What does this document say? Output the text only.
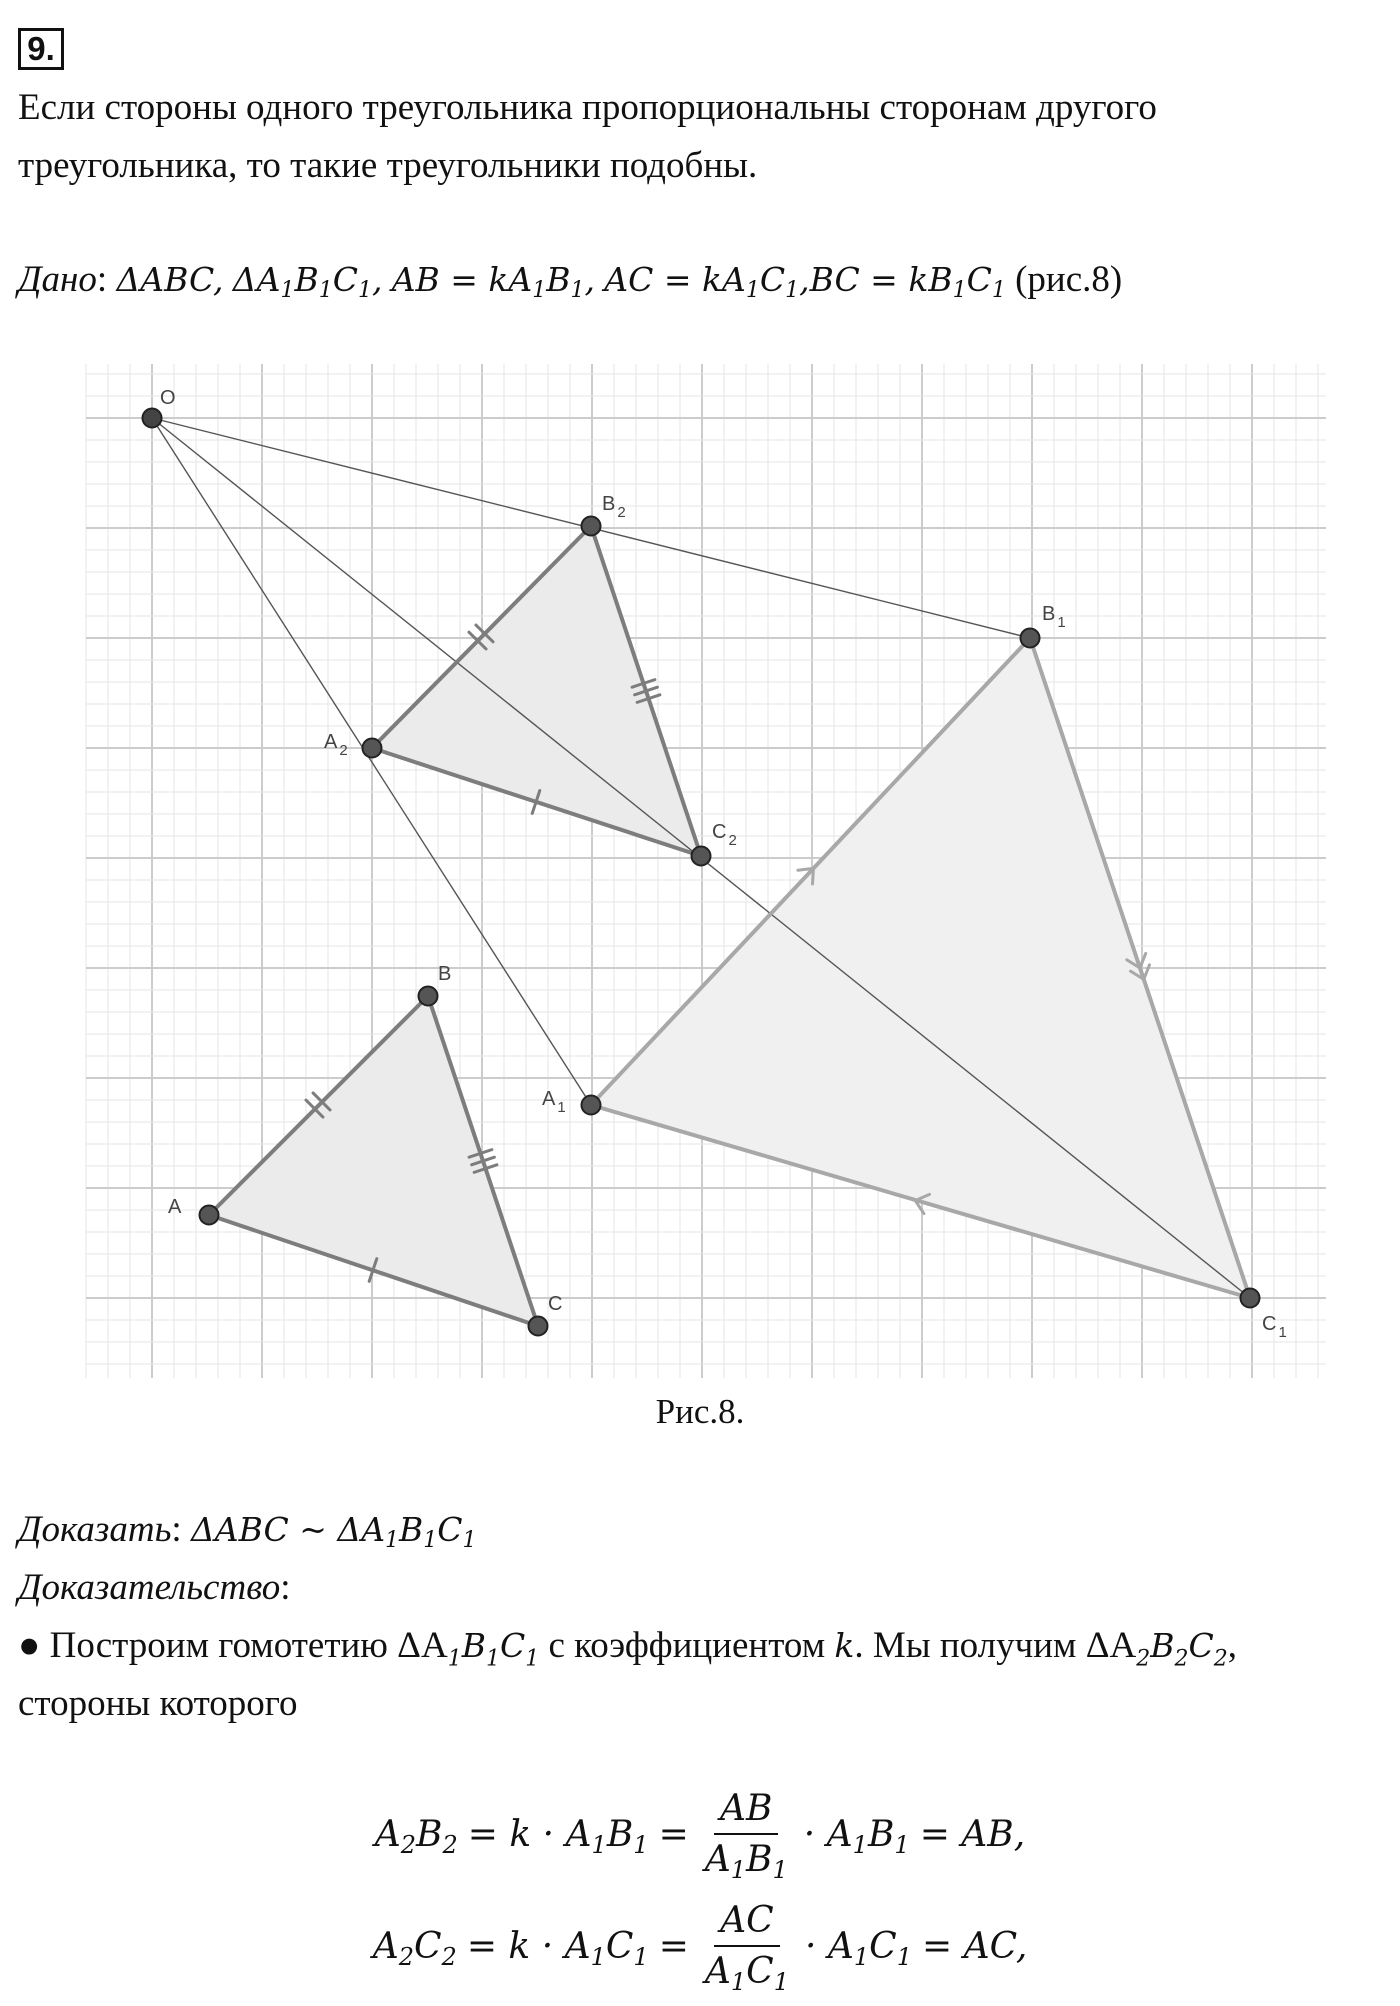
9.
Если стороны одного треугольника пропорциональны сторонам другого
треугольника, то такие треугольники подобны.
Дано: ΔABC, $\Delta A_1B_1C_1$, AB = $kA_1B_1$, AC = $kA_1C_1,BC = kB_1C_1$ (рис.8)
O
B $_2$
B $_1$
A $_2$
C $_2$
B
A $_1$
A
C
C $_1$
Рис.8.
Доказать: ΔABC ~ $\Delta A_1B_1C_1$
Доказательство:
● Построим гомотетию $\Delta A_1B_1C_1$ с коэффициентом k. Мы получим $\Delta A_2B_2C_2$,
стороны которого
$A_2B_2 = k \cdot A_1B_1 = \frac{AB}{A_1B_1} \cdot A_1B_1$ = AB,
$A_2C_2 = k \cdot A_1C_1 = \frac{AC}{A_1C_1} \cdot A_1C_1$ = AC,
